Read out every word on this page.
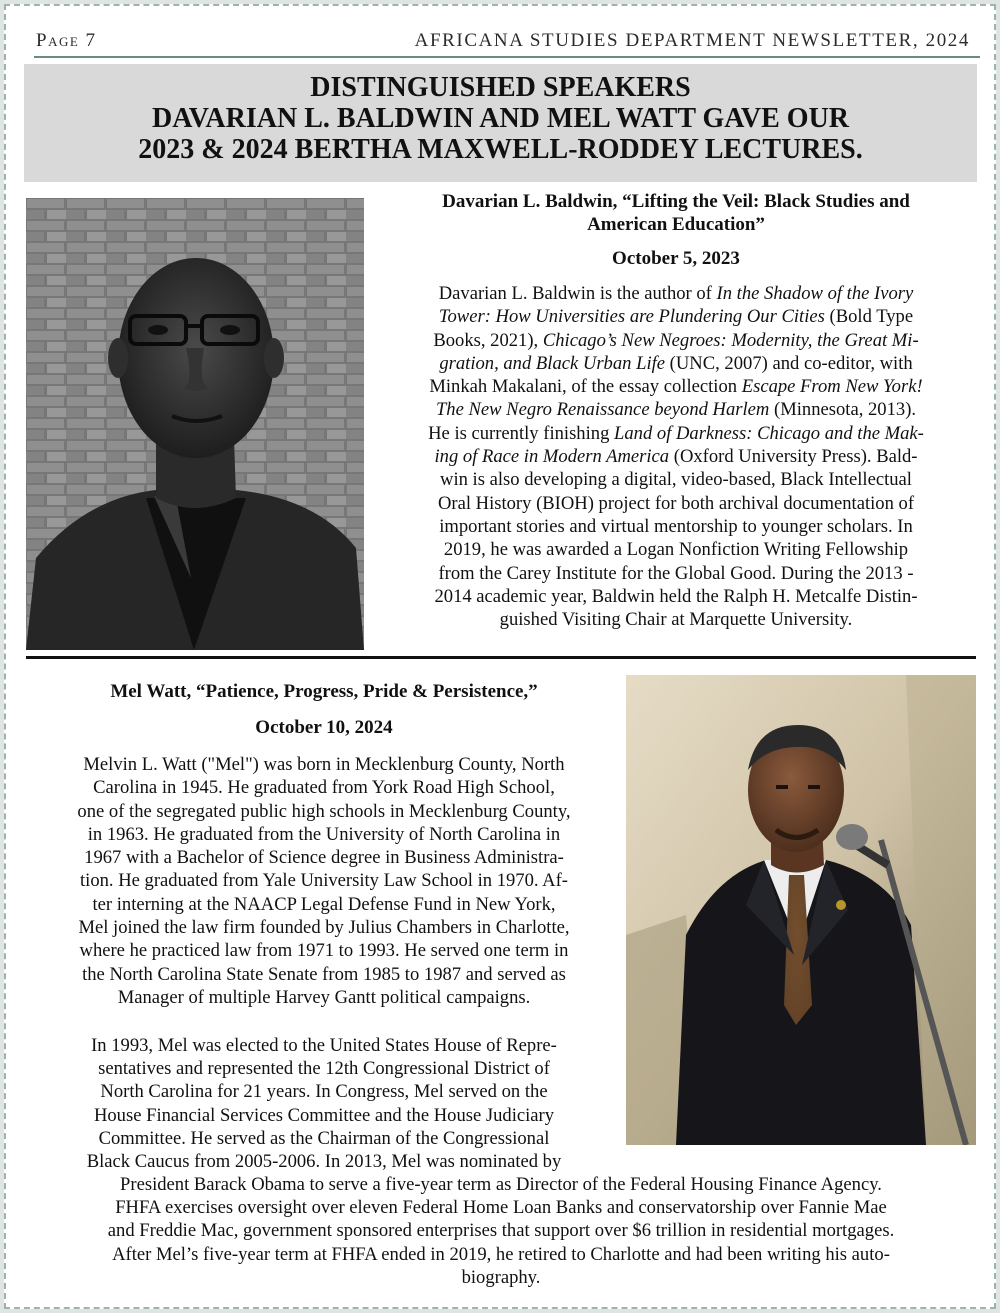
Page 7	AFRICANA STUDIES DEPARTMENT NEWSLETTER, 2024
DISTINGUISHED SPEAKERS
DAVARIAN L. BALDWIN AND MEL WATT GAVE OUR
2023 & 2024 BERTHA MAXWELL-RODDEY LECTURES.
Davarian L. Baldwin, “Lifting the Veil: Black Studies and
American Education”
October 5, 2023
Davarian L. Baldwin is the author of In the Shadow of the Ivory
Tower: How Universities are Plundering Our Cities (Bold Type
Books, 2021), Chicago’s New Negroes: Modernity, the Great Mi-
gration, and Black Urban Life (UNC, 2007) and co-editor, with
Minkah Makalani, of the essay collection Escape From New York!
The New Negro Renaissance beyond Harlem (Minnesota, 2013).
He is currently finishing Land of Darkness: Chicago and the Mak-
ing of Race in Modern America (Oxford University Press). Bald-
win is also developing a digital, video-based, Black Intellectual
Oral History (BIOH) project for both archival documentation of
important stories and virtual mentorship to younger scholars. In
2019, he was awarded a Logan Nonfiction Writing Fellowship
from the Carey Institute for the Global Good. During the 2013 -
2014 academic year, Baldwin held the Ralph H. Metcalfe Distin-
guished Visiting Chair at Marquette University.
Mel Watt, “Patience, Progress, Pride & Persistence,”
October 10, 2024
Melvin L. Watt ("Mel") was born in Mecklenburg County, North
Carolina in 1945. He graduated from York Road High School,
one of the segregated public high schools in Mecklenburg County,
in 1963. He graduated from the University of North Carolina in
1967 with a Bachelor of Science degree in Business Administra-
tion. He graduated from Yale University Law School in 1970. Af-
ter interning at the NAACP Legal Defense Fund in New York,
Mel joined the law firm founded by Julius Chambers in Charlotte,
where he practiced law from 1971 to 1993. He served one term in
the North Carolina State Senate from 1985 to 1987 and served as
Manager of multiple Harvey Gantt political campaigns.
In 1993, Mel was elected to the United States House of Repre-
sentatives and represented the 12th Congressional District of
North Carolina for 21 years. In Congress, Mel served on the
House Financial Services Committee and the House Judiciary
Committee. He served as the Chairman of the Congressional
Black Caucus from 2005-2006. In 2013, Mel was nominated by
President Barack Obama to serve a five-year term as Director of the Federal Housing Finance Agency.
FHFA exercises oversight over eleven Federal Home Loan Banks and conservatorship over Fannie Mae
and Freddie Mac, government sponsored enterprises that support over $6 trillion in residential mortgages.
After Mel’s five-year term at FHFA ended in 2019, he retired to Charlotte and had been writing his auto-
biography.
